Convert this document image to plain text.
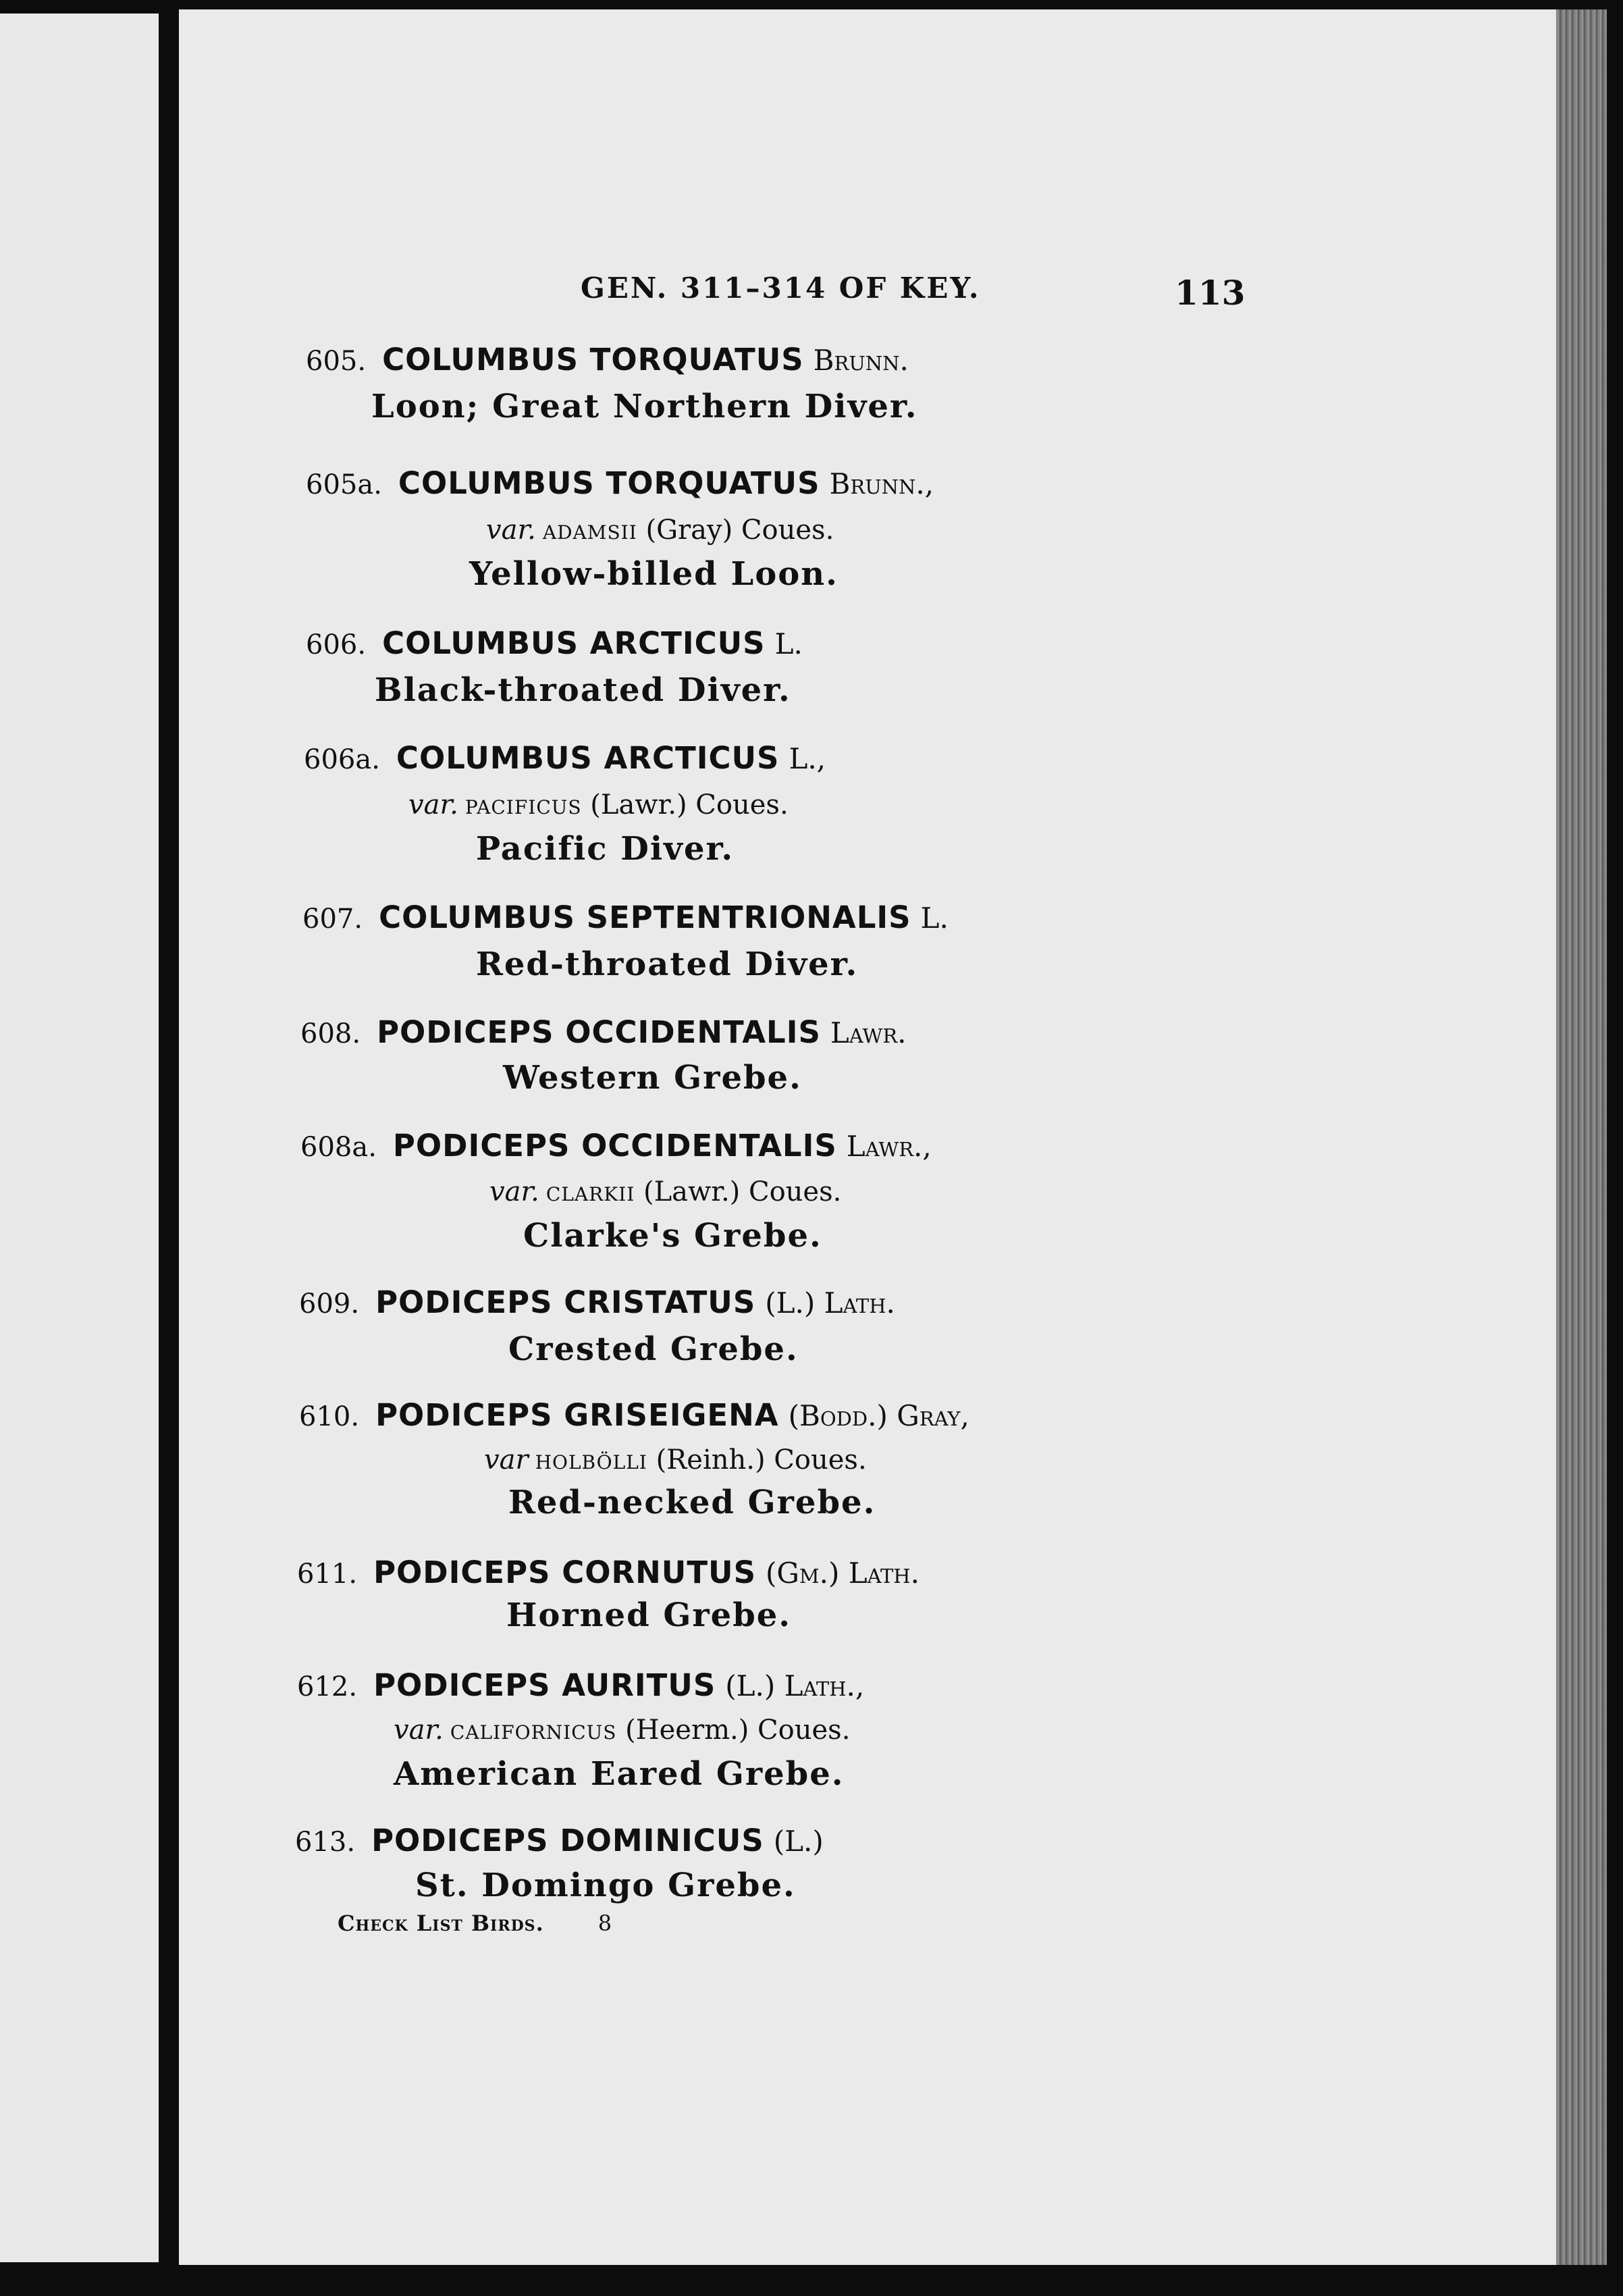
GEN. 311–314 OF KEY.	113
605. COLUMBUS TORQUATUS Brunn.
Loon; Great Northern Diver.
605a. COLUMBUS TORQUATUS Brunn.,
var. adamsii (Gray) Coues.
Yellow-billed Loon.
606. COLUMBUS ARCTICUS L.
Black-throated Diver.
606a. COLUMBUS ARCTICUS L.,
var. pacificus (Lawr.) Coues.
Pacific Diver.
607. COLUMBUS SEPTENTRIONALIS L.
Red-throated Diver.
608. PODICEPS OCCIDENTALIS Lawr.
Western Grebe.
608a. PODICEPS OCCIDENTALIS Lawr.,
var. clarkii (Lawr.) Coues.
Clarke's Grebe.
609. PODICEPS CRISTATUS (L.) Lath.
Crested Grebe.
610. PODICEPS GRISEIGENA (Bodd.) Gray,
var holbölli (Reinh.) Coues.
Red-necked Grebe.
611. PODICEPS CORNUTUS (Gm.) Lath.
Horned Grebe.
612. PODICEPS AURITUS (L.) Lath.,
var. californicus (Heerm.) Coues.
American Eared Grebe.
613. PODICEPS DOMINICUS (L.)
St. Domingo Grebe.
Check List Birds.	8
